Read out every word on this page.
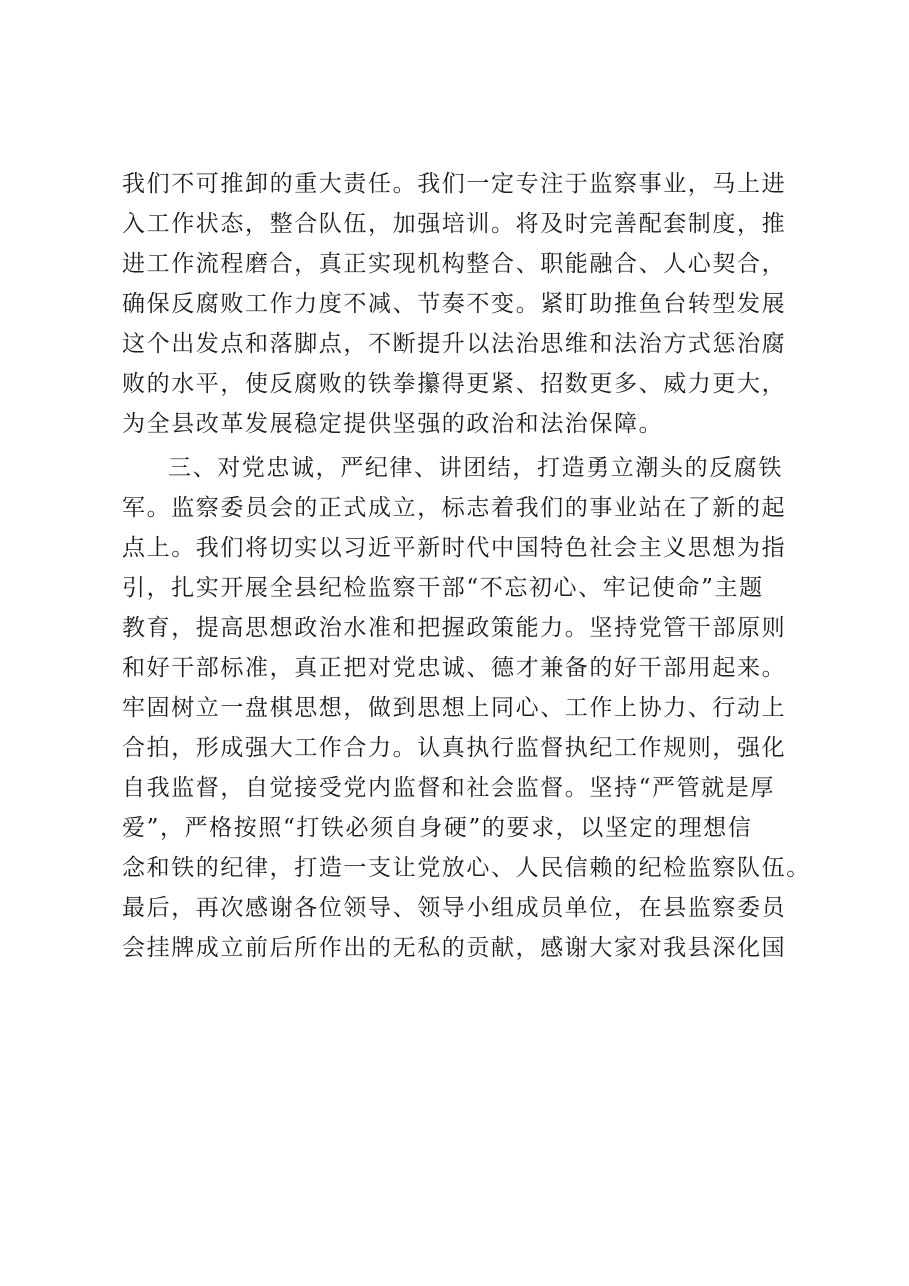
我们不可推卸的重大责任。我们一定专注于监察事业，马上进
入工作状态，整合队伍，加强培训。将及时完善配套制度，推
进工作流程磨合，真正实现机构整合、职能融合、人心契合，
确保反腐败工作力度不减、节奏不变。紧盯助推鱼台转型发展
这个出发点和落脚点，不断提升以法治思维和法治方式惩治腐
败的水平，使反腐败的铁拳攥得更紧、招数更多、威力更大，
为全县改革发展稳定提供坚强的政治和法治保障。
三、对党忠诚，严纪律、讲团结，打造勇立潮头的反腐铁
军。监察委员会的正式成立，标志着我们的事业站在了新的起
点上。我们将切实以习近平新时代中国特色社会主义思想为指
引，扎实开展全县纪检监察干部“不忘初心、牢记使命”主题
教育，提高思想政治水准和把握政策能力。坚持党管干部原则
和好干部标准，真正把对党忠诚、德才兼备的好干部用起来。
牢固树立一盘棋思想，做到思想上同心、工作上协力、行动上
合拍，形成强大工作合力。认真执行监督执纪工作规则，强化
自我监督，自觉接受党内监督和社会监督。坚持“严管就是厚
爱”，严格按照“打铁必须自身硬”的要求，以坚定的理想信
念和铁的纪律，打造一支让党放心、人民信赖的纪检监察队伍。
最后，再次感谢各位领导、领导小组成员单位，在县监察委员
会挂牌成立前后所作出的无私的贡献，感谢大家对我县深化国
